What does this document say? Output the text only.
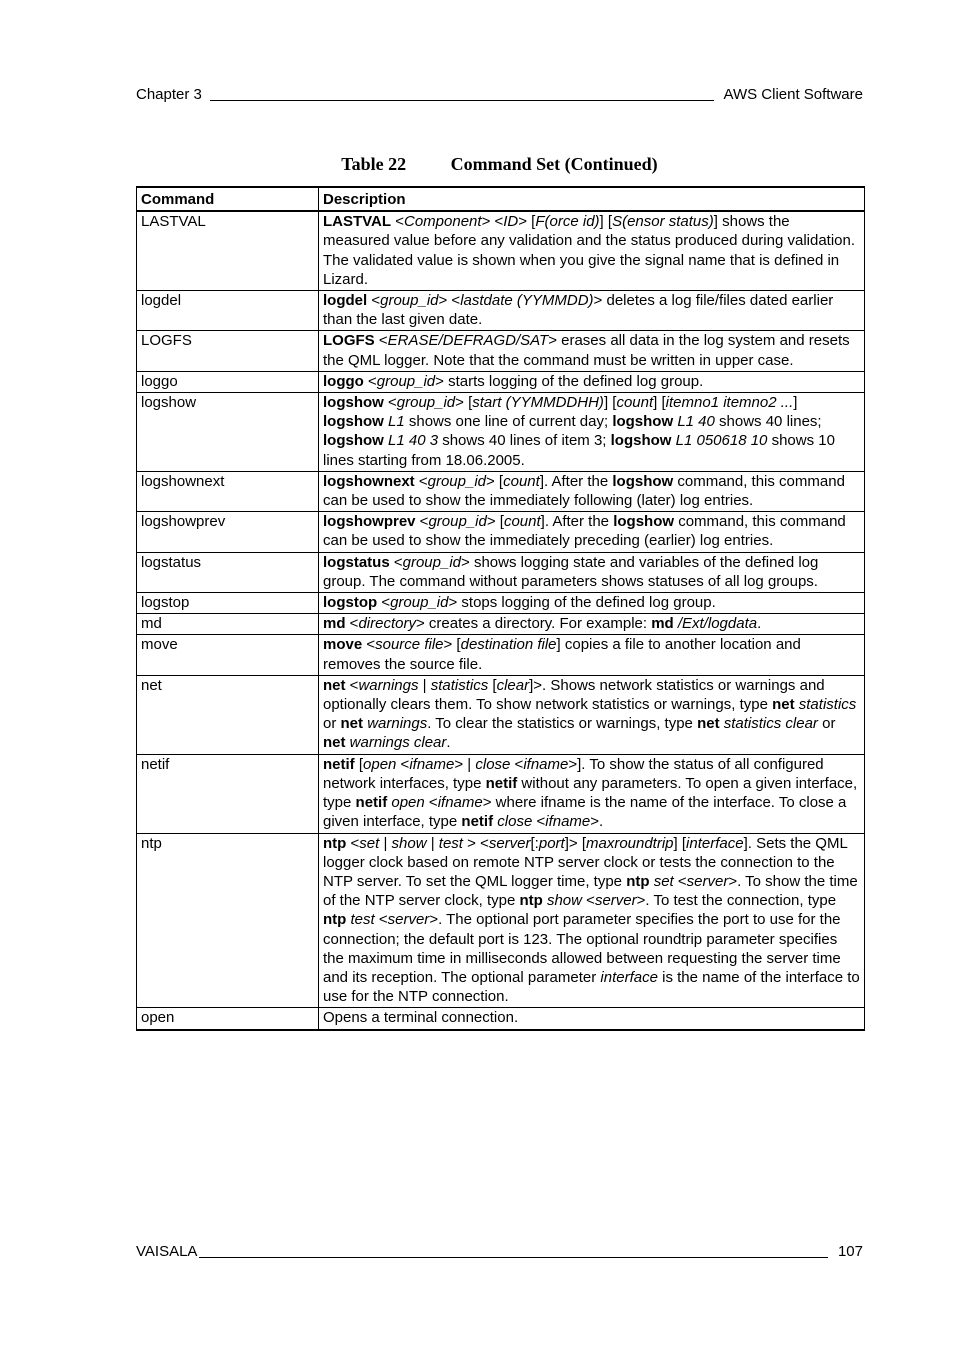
Chapter 3	AWS Client Software
Table 22 Command Set (Continued)
Command	Description
LASTVAL	LASTVAL <Component> <ID> [F(orce id)] [S(ensor status)] shows the measured value before any validation and the status produced during validation. The validated value is shown when you give the signal name that is defined in Lizard.
logdel	logdel <group_id> <lastdate (YYMMDD)> deletes a log file/files dated earlier than the last given date.
LOGFS	LOGFS <ERASE/DEFRAGD/SAT> erases all data in the log system and resets the QML logger. Note that the command must be written in upper case.
loggo	loggo <group_id> starts logging of the defined log group.
logshow	logshow <group_id> [start (YYMMDDHH)] [count] [itemno1 itemno2 ...] logshow L1 shows one line of current day; logshow L1 40 shows 40 lines; logshow L1 40 3 shows 40 lines of item 3; logshow L1 050618 10 shows 10 lines starting from 18.06.2005.
logshownext	logshownext <group_id> [count]. After the logshow command, this command can be used to show the immediately following (later) log entries.
logshowprev	logshowprev <group_id> [count]. After the logshow command, this command can be used to show the immediately preceding (earlier) log entries.
logstatus	logstatus <group_id> shows logging state and variables of the defined log group. The command without parameters shows statuses of all log groups.
logstop	logstop <group_id> stops logging of the defined log group.
md	md <directory> creates a directory. For example: md /Ext/logdata.
move	move <source file> [destination file] copies a file to another location and removes the source file.
net	net <warnings | statistics [clear]>. Shows network statistics or warnings and optionally clears them. To show network statistics or warnings, type net statistics or net warnings. To clear the statistics or warnings, type net statistics clear or net warnings clear.
netif	netif [open <ifname> | close <ifname>]. To show the status of all configured network interfaces, type netif without any parameters. To open a given interface, type netif open <ifname> where ifname is the name of the interface. To close a given interface, type netif close <ifname>.
ntp	ntp <set | show | test > <server[:port]> [maxroundtrip] [interface]. Sets the QML logger clock based on remote NTP server clock or tests the connection to the NTP server. To set the QML logger time, type ntp set <server>. To show the time of the NTP server clock, type ntp show <server>. To test the connection, type ntp test <server>. The optional port parameter specifies the port to use for the connection; the default port is 123. The optional roundtrip parameter specifies the maximum time in milliseconds allowed between requesting the server time and its reception. The optional parameter interface is the name of the interface to use for the NTP connection.
open	Opens a terminal connection.
VAISALA	107
